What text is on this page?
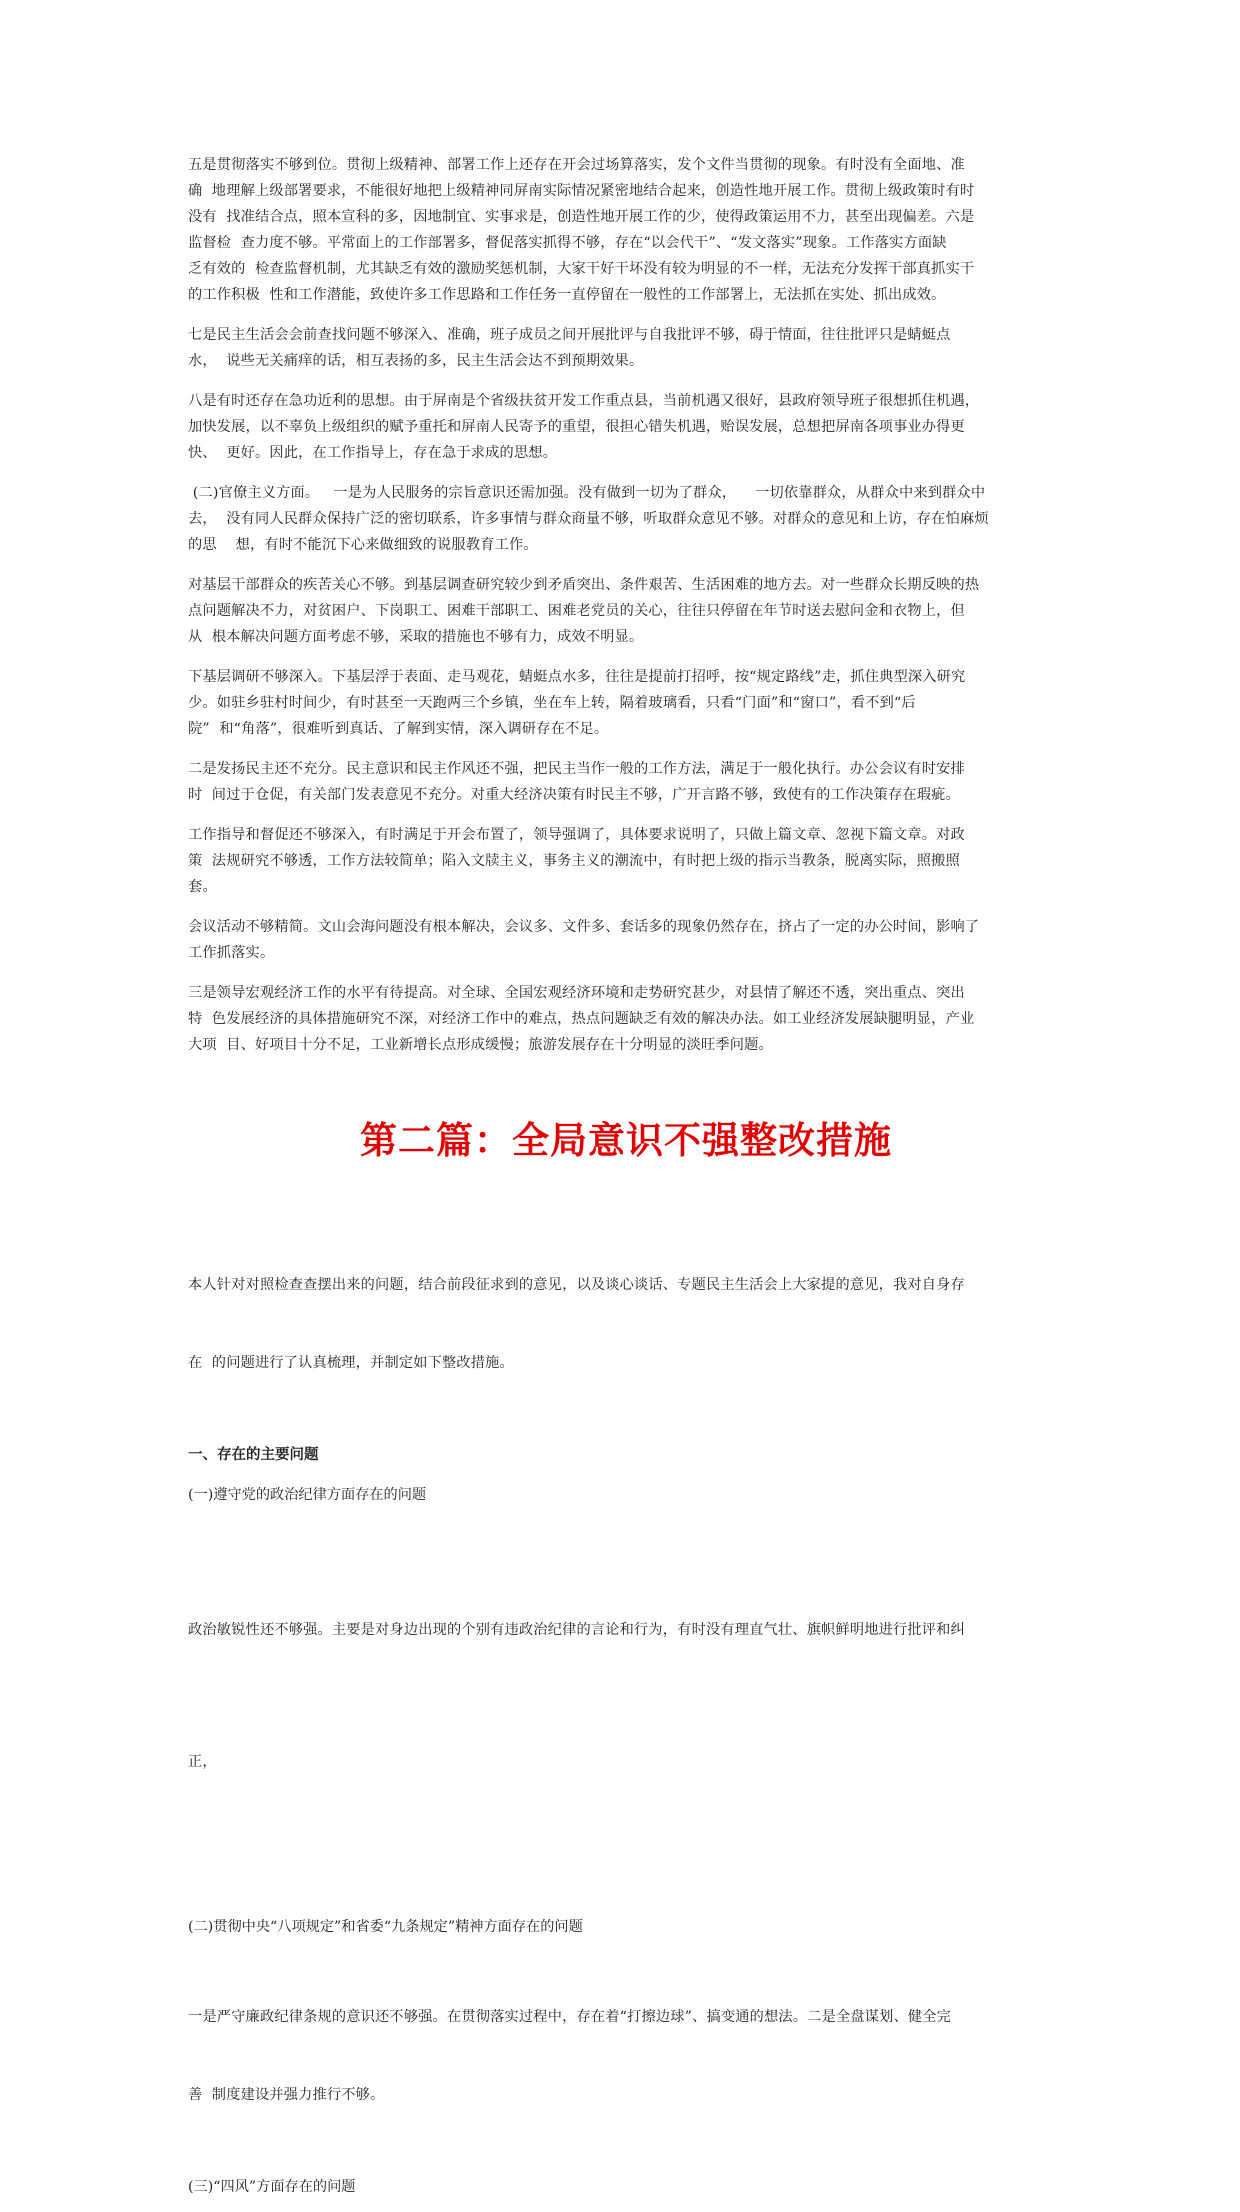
五是贯彻落实不够到位。贯彻上级精神、部署工作上还存在开会过场算落实，发个文件当贯彻的现象。有时没有全面地、准
确  地理解上级部署要求，不能很好地把上级精神同屏南实际情况紧密地结合起来，创造性地开展工作。贯彻上级政策时有时
没有  找准结合点，照本宣科的多，因地制宜、实事求是，创造性地开展工作的少，使得政策运用不力，甚至出现偏差。六是
监督检  查力度不够。平常面上的工作部署多，督促落实抓得不够，存在“以会代干”、“发文落实”现象。工作落实方面缺
乏有效的  检查监督机制，尤其缺乏有效的激励奖惩机制，大家干好干坏没有较为明显的不一样，无法充分发挥干部真抓实干
的工作积极  性和工作潜能，致使许多工作思路和工作任务一直停留在一般性的工作部署上，无法抓在实处、抓出成效。
七是民主生活会会前查找问题不够深入、准确，班子成员之间开展批评与自我批评不够，碍于情面，往往批评只是蜻蜓点
水，  说些无关痛痒的话，相互表扬的多，民主生活会达不到预期效果。
八是有时还存在急功近利的思想。由于屏南是个省级扶贫开发工作重点县，当前机遇又很好，县政府领导班子很想抓住机遇，
加快发展，以不辜负上级组织的赋予重托和屏南人民寄予的重望，很担心错失机遇，贻误发展，总想把屏南各项事业办得更
快、  更好。因此，在工作指导上，存在急于求成的思想。
(二)官僚主义方面。   一是为人民服务的宗旨意识还需加强。没有做到一切为了群众，    一切依靠群众，从群众中来到群众中
去，  没有同人民群众保持广泛的密切联系，许多事情与群众商量不够，听取群众意见不够。对群众的意见和上访，存在怕麻烦
的思    想，有时不能沉下心来做细致的说服教育工作。
对基层干部群众的疾苦关心不够。到基层调查研究较少到矛盾突出、条件艰苦、生活困难的地方去。对一些群众长期反映的热
点问题解决不力，对贫困户、下岗职工、困难干部职工、困难老党员的关心，往往只停留在年节时送去慰问金和衣物上，但
从  根本解决问题方面考虑不够，采取的措施也不够有力，成效不明显。
下基层调研不够深入。下基层浮于表面、走马观花，蜻蜓点水多，往往是提前打招呼，按“规定路线”走，抓住典型深入研究
少。如驻乡驻村时间少，有时甚至一天跑两三个乡镇，坐在车上转，隔着玻璃看，只看“门面”和“窗口”，看不到“后
院”  和“角落”，很难听到真话、了解到实情，深入调研存在不足。
二是发扬民主还不充分。民主意识和民主作风还不强，把民主当作一般的工作方法，满足于一般化执行。办公会议有时安排
时  间过于仓促，有关部门发表意见不充分。对重大经济决策有时民主不够，广开言路不够，致使有的工作决策存在瑕疵。
工作指导和督促还不够深入，有时满足于开会布置了，领导强调了，具体要求说明了，只做上篇文章、忽视下篇文章。对政
策  法规研究不够透，工作方法较简单；陷入文牍主义，事务主义的潮流中，有时把上级的指示当教条，脱离实际，照搬照
套。
会议活动不够精简。文山会海问题没有根本解决，会议多、文件多、套话多的现象仍然存在，挤占了一定的办公时间，影响了
工作抓落实。
三是领导宏观经济工作的水平有待提高。对全球、全国宏观经济环境和走势研究甚少，对县情了解还不透，突出重点、突出
特  色发展经济的具体措施研究不深，对经济工作中的难点，热点问题缺乏有效的解决办法。如工业经济发展缺腿明显，产业
大项  目、好项目十分不足，工业新增长点形成缓慢；旅游发展存在十分明显的淡旺季问题。
第二篇：全局意识不强整改措施

本人针对对照检查查摆出来的问题，结合前段征求到的意见，以及谈心谈话、专题民主生活会上大家提的意见，我对自身存

在  的问题进行了认真梳理，并制定如下整改措施。

一、存在的主要问题
(一)遵守党的政治纪律方面存在的问题

政治敏锐性还不够强。主要是对身边出现的个别有违政治纪律的言论和行为，有时没有理直气壮、旗帜鲜明地进行批评和纠

正，

(二)贯彻中央“八项规定”和省委“九条规定”精神方面存在的问题

一是严守廉政纪律条规的意识还不够强。在贯彻落实过程中，存在着“打擦边球”、搞变通的想法。二是全盘谋划、健全完

善  制度建设并强力推行不够。

(三)“四风”方面存在的问题
